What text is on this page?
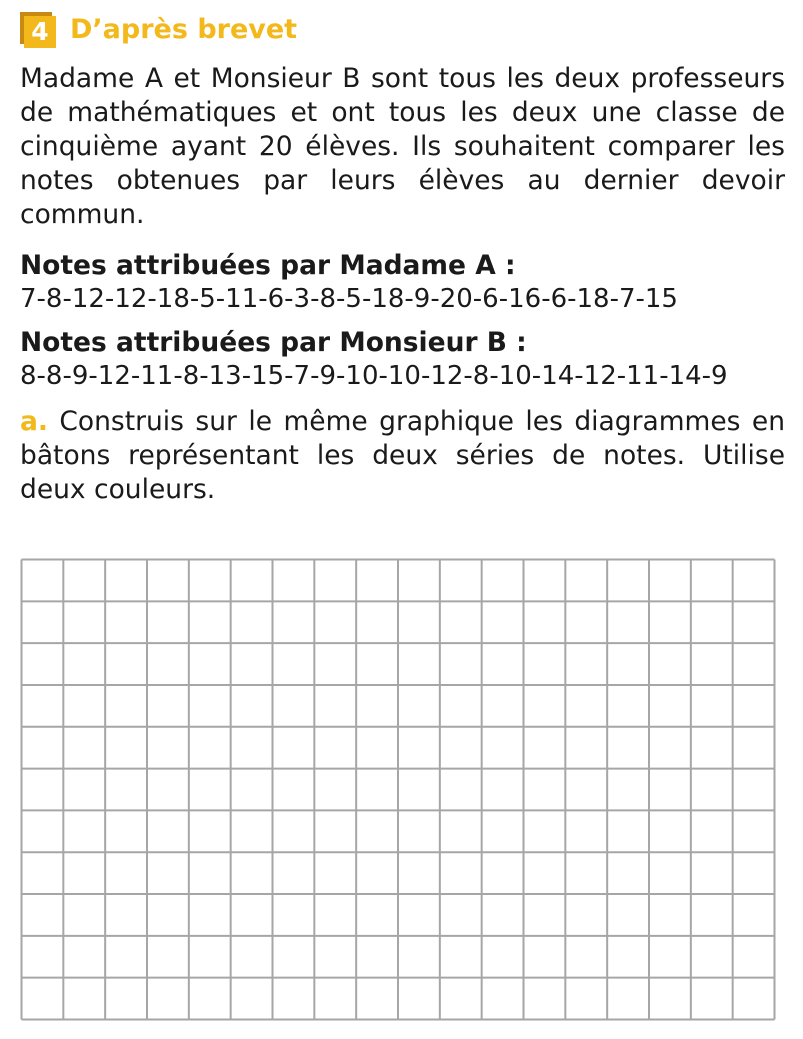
4 D’après brevet

Madame A et Monsieur B sont tous les deux professeurs de mathématiques et ont tous les deux une classe de cinquième ayant 20 élèves. Ils souhaitent comparer les notes obtenues par leurs élèves au dernier devoir commun.

Notes attribuées par Madame A :

7-8-12-12-18-5-11-6-3-8-5-18-9-20-6-16-6-18-7-15

Notes attribuées par Monsieur B :

8-8-9-12-11-8-13-15-7-9-10-10-12-8-10-14-12-11-14-9

a. Construis sur le même graphique les diagrammes en bâtons représentant les deux séries de notes. Utilise deux couleurs.
